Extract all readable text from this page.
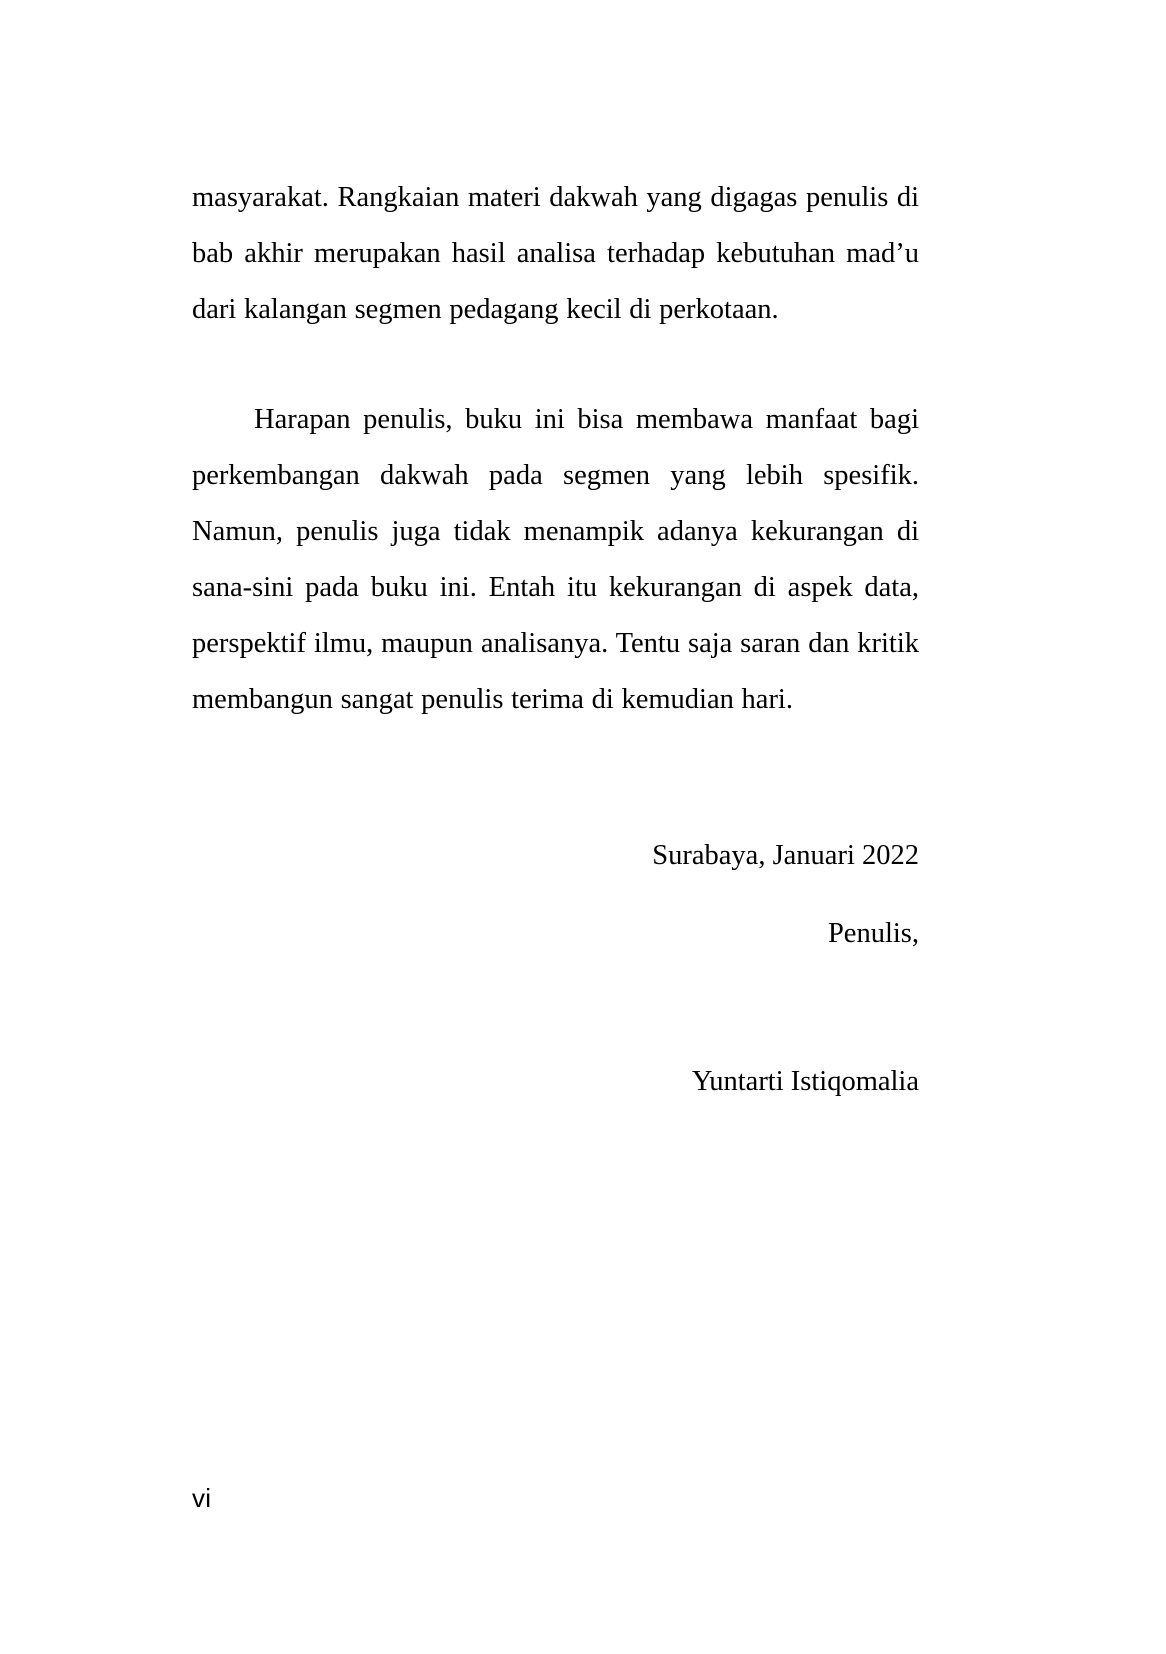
masyarakat. Rangkaian materi dakwah yang digagas penulis di bab akhir merupakan hasil analisa terhadap kebutuhan mad’u dari kalangan segmen pedagang kecil di perkotaan.

Harapan penulis, buku ini bisa membawa manfaat bagi perkembangan dakwah pada segmen yang lebih spesifik. Namun, penulis juga tidak menampik adanya kekurangan di sana-sini pada buku ini. Entah itu kekurangan di aspek data, perspektif ilmu, maupun analisanya. Tentu saja saran dan kritik membangun sangat penulis terima di kemudian hari.

Surabaya, Januari 2022
Penulis,
Yuntarti Istiqomalia
vi
